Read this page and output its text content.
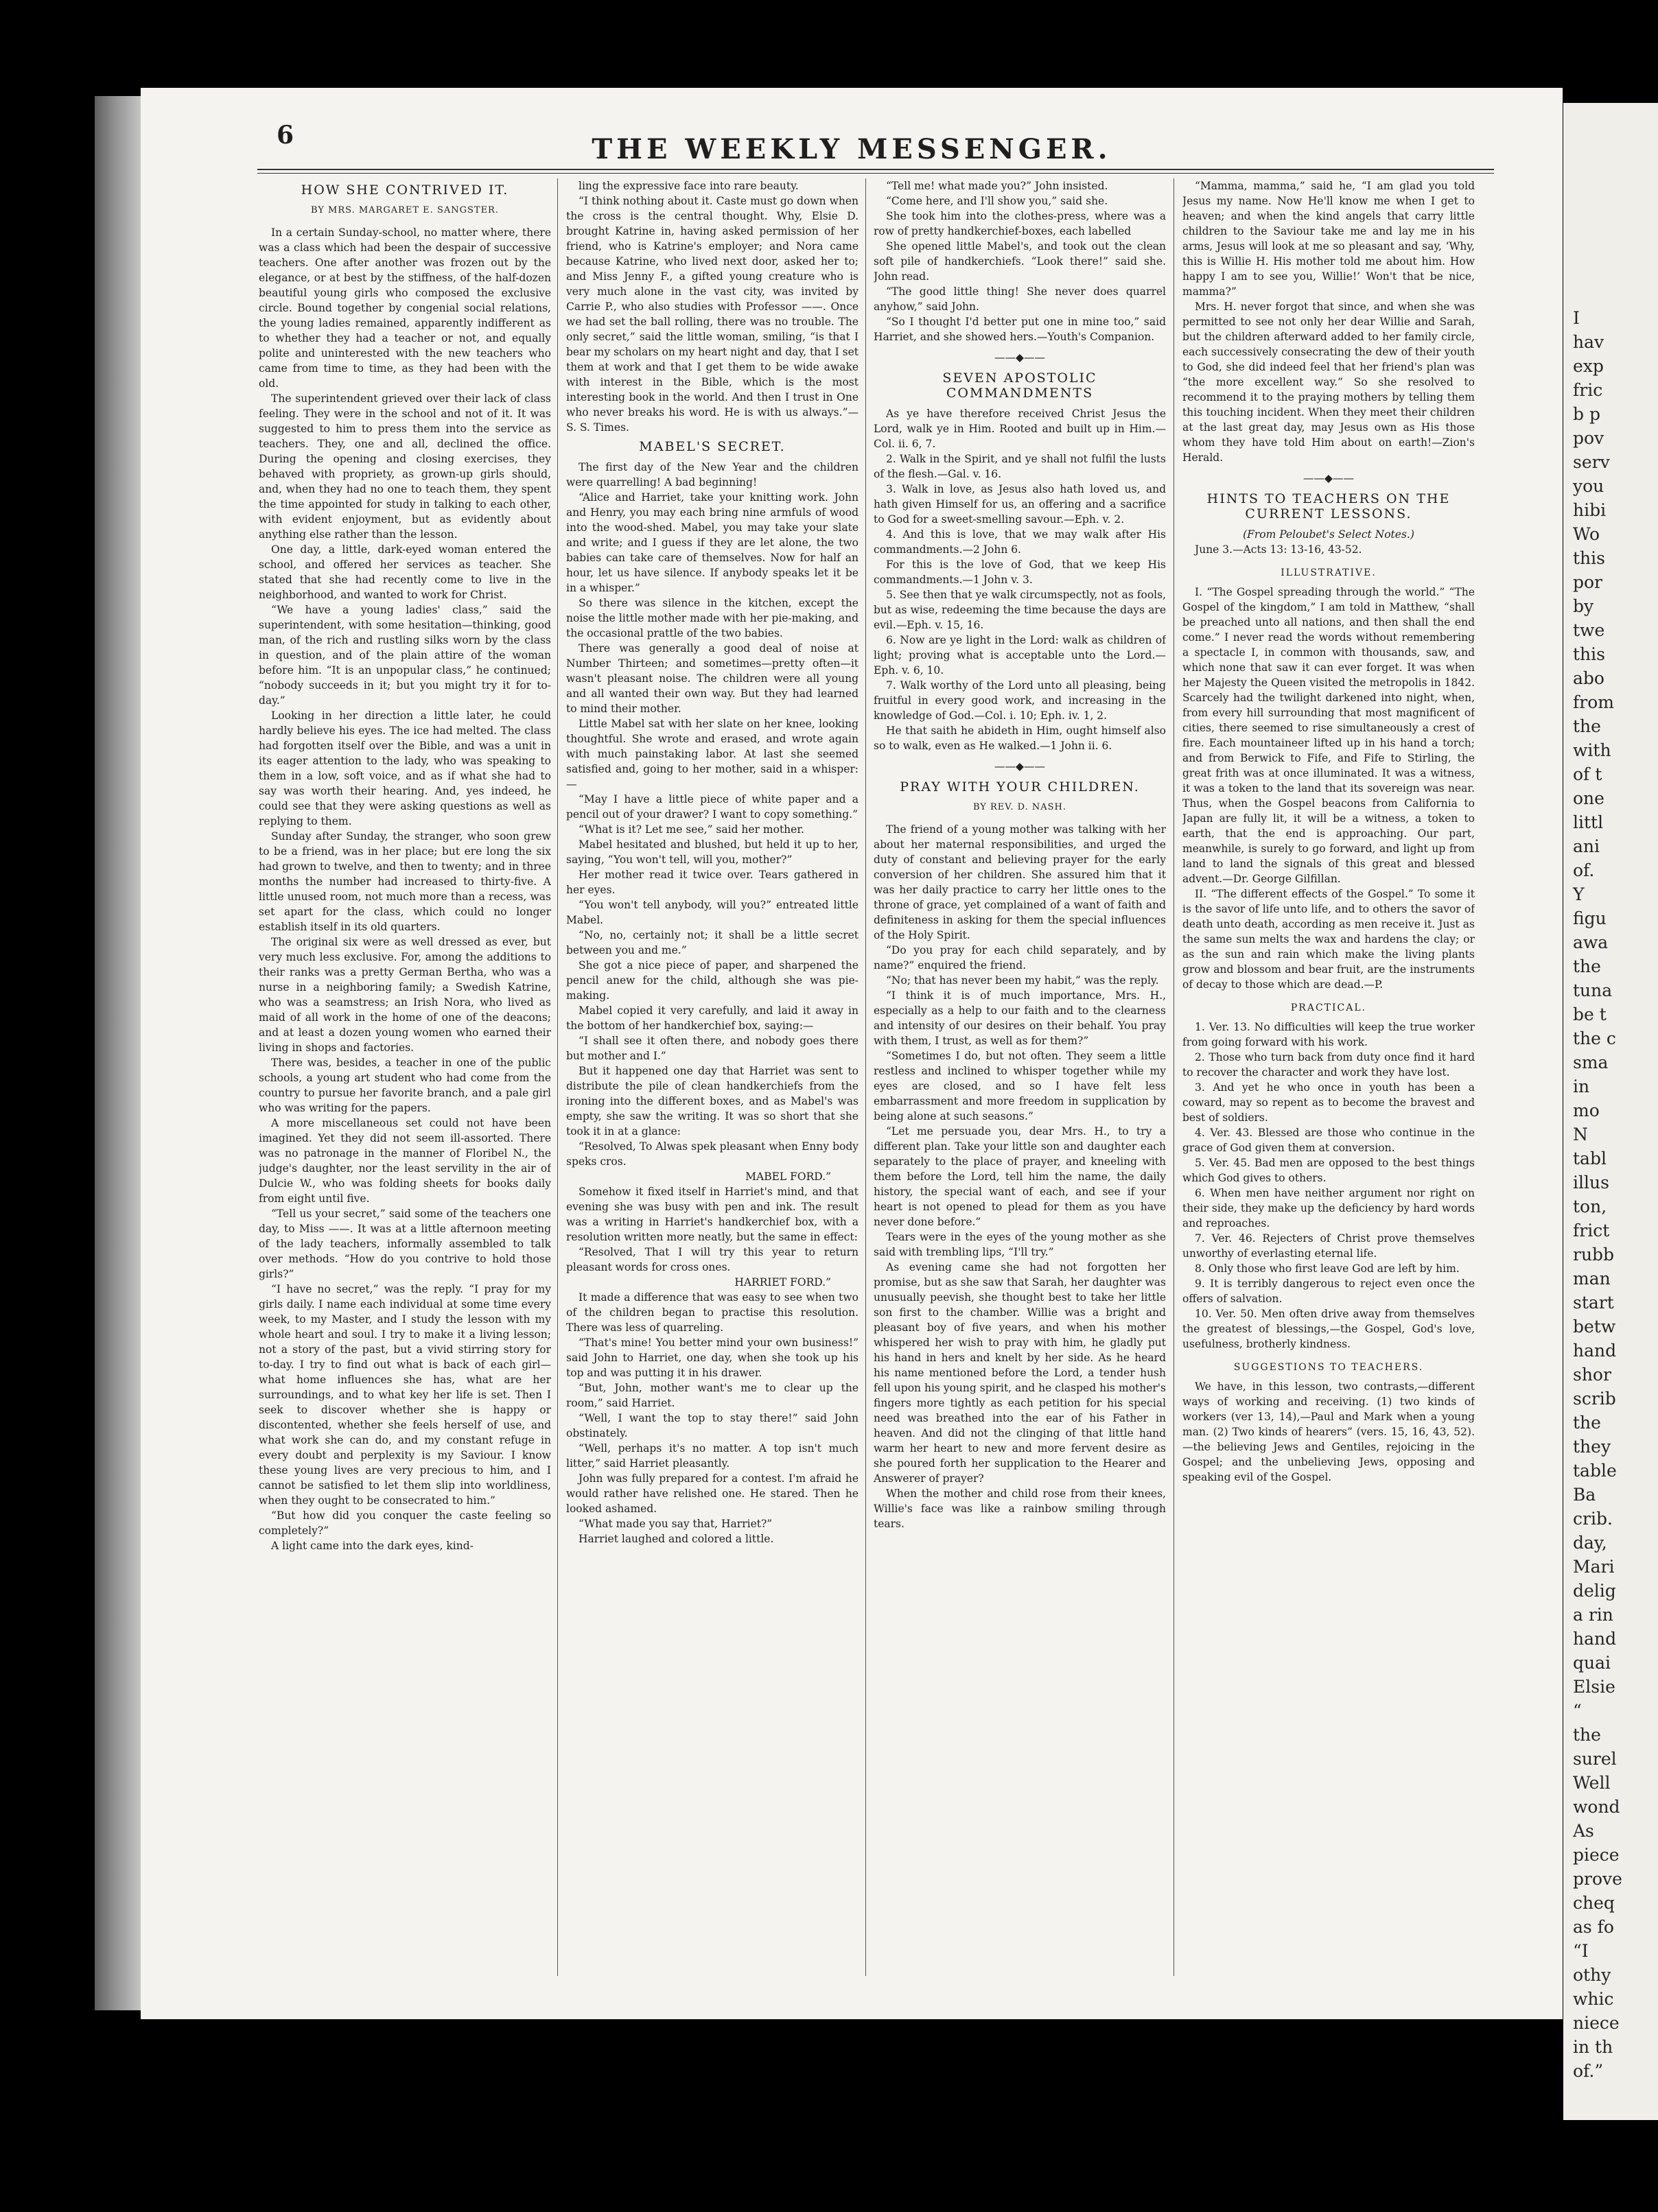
6	THE WEEKLY MESSENGER.
HOW SHE CONTRIVED IT.
BY MRS. MARGARET E. SANGSTER.

In a certain Sunday-school, no matter where, there was a class which had been the despair of successive teachers. One after another was frozen out by the elegance, or at best by the stiffness, of the half-dozen beautiful young girls who composed the exclusive circle. Bound together by congenial social relations, the young ladies remained, apparently indifferent as to whether they had a teacher or not, and equally polite and uninterested with the new teachers who came from time to time, as they had been with the old.

The superintendent grieved over their lack of class feeling. They were in the school and not of it. It was suggested to him to press them into the service as teachers. They, one and all, declined the office. During the opening and closing exercises, they behaved with propriety, as grown-up girls should, and, when they had no one to teach them, they spent the time appointed for study in talking to each other, with evident enjoyment, but as evidently about anything else rather than the lesson.

One day, a little, dark-eyed woman entered the school, and offered her services as teacher. She stated that she had recently come to live in the neighborhood, and wanted to work for Christ.

“We have a young ladies' class,” said the superintendent, with some hesitation—thinking, good man, of the rich and rustling silks worn by the class in question, and of the plain attire of the woman before him. “It is an unpopular class,” he continued; “nobody succeeds in it; but you might try it for to-day.”

Looking in her direction a little later, he could hardly believe his eyes. The ice had melted. The class had forgotten itself over the Bible, and was a unit in its eager attention to the lady, who was speaking to them in a low, soft voice, and as if what she had to say was worth their hearing. And, yes indeed, he could see that they were asking questions as well as replying to them.

Sunday after Sunday, the stranger, who soon grew to be a friend, was in her place; but ere long the six had grown to twelve, and then to twenty; and in three months the number had increased to thirty-five. A little unused room, not much more than a recess, was set apart for the class, which could no longer establish itself in its old quarters.

The original six were as well dressed as ever, but very much less exclusive. For, among the additions to their ranks was a pretty German Bertha, who was a nurse in a neighboring family; a Swedish Katrine, who was a seamstress; an Irish Nora, who lived as maid of all work in the home of one of the deacons; and at least a dozen young women who earned their living in shops and factories.

There was, besides, a teacher in one of the public schools, a young art student who had come from the country to pursue her favorite branch, and a pale girl who was writing for the papers.

A more miscellaneous set could not have been imagined. Yet they did not seem ill-assorted. There was no patronage in the manner of Floribel N., the judge's daughter, nor the least servility in the air of Dulcie W., who was folding sheets for books daily from eight until five.

“Tell us your secret,” said some of the teachers one day, to Miss ——. It was at a little afternoon meeting of the lady teachers, informally assembled to talk over methods. “How do you contrive to hold those girls?”

“I have no secret,” was the reply. “I pray for my girls daily. I name each individual at some time every week, to my Master, and I study the lesson with my whole heart and soul. I try to make it a living lesson; not a story of the past, but a vivid stirring story for to-day. I try to find out what is back of each girl—what home influences she has, what are her surroundings, and to what key her life is set. Then I seek to discover whether she is happy or discontented, whether she feels herself of use, and what work she can do, and my constant refuge in every doubt and perplexity is my Saviour. I know these young lives are very precious to him, and I cannot be satisfied to let them slip into worldliness, when they ought to be consecrated to him.”

“But how did you conquer the caste feeling so completely?”

A light came into the dark eyes, kind-

ling the expressive face into rare beauty.

“I think nothing about it. Caste must go down when the cross is the central thought. Why, Elsie D. brought Katrine in, having asked permission of her friend, who is Katrine's employer; and Nora came because Katrine, who lived next door, asked her to; and Miss Jenny F., a gifted young creature who is very much alone in the vast city, was invited by Carrie P., who also studies with Professor ——. Once we had set the ball rolling, there was no trouble. The only secret,” said the little woman, smiling, “is that I bear my scholars on my heart night and day, that I set them at work and that I get them to be wide awake with interest in the Bible, which is the most interesting book in the world. And then I trust in One who never breaks his word. He is with us always.”—S. S. Times.

MABEL'S SECRET.

The first day of the New Year and the children were quarrelling! A bad beginning!

“Alice and Harriet, take your knitting work. John and Henry, you may each bring nine armfuls of wood into the wood-shed. Mabel, you may take your slate and write; and I guess if they are let alone, the two babies can take care of themselves. Now for half an hour, let us have silence. If anybody speaks let it be in a whisper.”

So there was silence in the kitchen, except the noise the little mother made with her pie-making, and the occasional prattle of the two babies.

There was generally a good deal of noise at Number Thirteen; and sometimes—pretty often—it wasn't pleasant noise. The children were all young and all wanted their own way. But they had learned to mind their mother.

Little Mabel sat with her slate on her knee, looking thoughtful. She wrote and erased, and wrote again with much painstaking labor. At last she seemed satisfied and, going to her mother, said in a whisper:—

“May I have a little piece of white paper and a pencil out of your drawer? I want to copy something.”

“What is it? Let me see,” said her mother.

Mabel hesitated and blushed, but held it up to her, saying, “You won't tell, will you, mother?”

Her mother read it twice over. Tears gathered in her eyes.

“You won't tell anybody, will you?” entreated little Mabel.

“No, no, certainly not; it shall be a little secret between you and me.”

She got a nice piece of paper, and sharpened the pencil anew for the child, although she was pie-making.

Mabel copied it very carefully, and laid it away in the bottom of her handkerchief box, saying:—

“I shall see it often there, and nobody goes there but mother and I.”

But it happened one day that Harriet was sent to distribute the pile of clean handkerchiefs from the ironing into the different boxes, and as Mabel's was empty, she saw the writing. It was so short that she took it in at a glance:

“Resolved, To Alwas spek pleasant when Enny body speks cros.

MABEL FORD.”

Somehow it fixed itself in Harriet's mind, and that evening she was busy with pen and ink. The result was a writing in Harriet's handkerchief box, with a resolution written more neatly, but the same in effect:

“Resolved, That I will try this year to return pleasant words for cross ones.

HARRIET FORD.”

It made a difference that was easy to see when two of the children began to practise this resolution. There was less of quarreling.

“That's mine! You better mind your own business!” said John to Harriet, one day, when she took up his top and was putting it in his drawer.

“But, John, mother want's me to clear up the room,” said Harriet.

“Well, I want the top to stay there!” said John obstinately.

“Well, perhaps it's no matter. A top isn't much litter,” said Harriet pleasantly.

John was fully prepared for a contest. I'm afraid he would rather have relished one. He stared. Then he looked ashamed.

“What made you say that, Harriet?”

Harriet laughed and colored a little.

“Tell me! what made you?” John insisted.

“Come here, and I'll show you,” said she.

She took him into the clothes-press, where was a row of pretty handkerchief-boxes, each labelled

She opened little Mabel's, and took out the clean soft pile of handkerchiefs. “Look there!” said she. John read.

“The good little thing! She never does quarrel anyhow,” said John.

“So I thought I'd better put one in mine too,” said Harriet, and she showed hers.—Youth's Companion.

——◆——
SEVEN APOSTOLIC COMMANDMENTS

As ye have therefore received Christ Jesus the Lord, walk ye in Him. Rooted and built up in Him.—Col. ii. 6, 7.

2. Walk in the Spirit, and ye shall not fulfil the lusts of the flesh.—Gal. v. 16.

3. Walk in love, as Jesus also hath loved us, and hath given Himself for us, an offering and a sacrifice to God for a sweet-smelling savour.—Eph. v. 2.

4. And this is love, that we may walk after His commandments.—2 John 6.

For this is the love of God, that we keep His commandments.—1 John v. 3.

5. See then that ye walk circumspectly, not as fools, but as wise, redeeming the time because the days are evil.—Eph. v. 15, 16.

6. Now are ye light in the Lord: walk as children of light; proving what is acceptable unto the Lord.—Eph. v. 6, 10.

7. Walk worthy of the Lord unto all pleasing, being fruitful in every good work, and increasing in the knowledge of God.—Col. i. 10; Eph. iv. 1, 2.

He that saith he abideth in Him, ought himself also so to walk, even as He walked.—1 John ii. 6.

——◆——
PRAY WITH YOUR CHILDREN.
BY REV. D. NASH.

The friend of a young mother was talking with her about her maternal responsibilities, and urged the duty of constant and believing prayer for the early conversion of her children. She assured him that it was her daily practice to carry her little ones to the throne of grace, yet complained of a want of faith and definiteness in asking for them the special influences of the Holy Spirit.

“Do you pray for each child separately, and by name?” enquired the friend.

“No; that has never been my habit,” was the reply.

“I think it is of much importance, Mrs. H., especially as a help to our faith and to the clearness and intensity of our desires on their behalf. You pray with them, I trust, as well as for them?”

“Sometimes I do, but not often. They seem a little restless and inclined to whisper together while my eyes are closed, and so I have felt less embarrassment and more freedom in supplication by being alone at such seasons.”

“Let me persuade you, dear Mrs. H., to try a different plan. Take your little son and daughter each separately to the place of prayer, and kneeling with them before the Lord, tell him the name, the daily history, the special want of each, and see if your heart is not opened to plead for them as you have never done before.”

Tears were in the eyes of the young mother as she said with trembling lips, “I'll try.”

As evening came she had not forgotten her promise, but as she saw that Sarah, her daughter was unusually peevish, she thought best to take her little son first to the chamber. Willie was a bright and pleasant boy of five years, and when his mother whispered her wish to pray with him, he gladly put his hand in hers and knelt by her side. As he heard his name mentioned before the Lord, a tender hush fell upon his young spirit, and he clasped his mother's fingers more tightly as each petition for his special need was breathed into the ear of his Father in heaven. And did not the clinging of that little hand warm her heart to new and more fervent desire as she poured forth her supplication to the Hearer and Answerer of prayer?

When the mother and child rose from their knees, Willie's face was like a rainbow smiling through tears.

“Mamma, mamma,” said he, “I am glad you told Jesus my name. Now He'll know me when I get to heaven; and when the kind angels that carry little children to the Saviour take me and lay me in his arms, Jesus will look at me so pleasant and say, ‘Why, this is Willie H. His mother told me about him. How happy I am to see you, Willie!’ Won't that be nice, mamma?”

Mrs. H. never forgot that since, and when she was permitted to see not only her dear Willie and Sarah, but the children afterward added to her family circle, each successively consecrating the dew of their youth to God, she did indeed feel that her friend's plan was “the more excellent way.” So she resolved to recommend it to the praying mothers by telling them this touching incident. When they meet their children at the last great day, may Jesus own as His those whom they have told Him about on earth!—Zion's Herald.

——◆——
HINTS TO TEACHERS ON THE CURRENT LESSONS.

(From Peloubet's Select Notes.)

June 3.—Acts 13: 13-16, 43-52.

ILLUSTRATIVE.

I. “The Gospel spreading through the world.” “The Gospel of the kingdom,” I am told in Matthew, “shall be preached unto all nations, and then shall the end come.” I never read the words without remembering a spectacle I, in common with thousands, saw, and which none that saw it can ever forget. It was when her Majesty the Queen visited the metropolis in 1842. Scarcely had the twilight darkened into night, when, from every hill surrounding that most magnificent of cities, there seemed to rise simultaneously a crest of fire. Each mountaineer lifted up in his hand a torch; and from Berwick to Fife, and Fife to Stirling, the great frith was at once illuminated. It was a witness, it was a token to the land that its sovereign was near. Thus, when the Gospel beacons from California to Japan are fully lit, it will be a witness, a token to earth, that the end is approaching. Our part, meanwhile, is surely to go forward, and light up from land to land the signals of this great and blessed advent.—Dr. George Gilfillan.

II. “The different effects of the Gospel.” To some it is the savor of life unto life, and to others the savor of death unto death, according as men receive it. Just as the same sun melts the wax and hardens the clay; or as the sun and rain which make the living plants grow and blossom and bear fruit, are the instruments of decay to those which are dead.—P.

PRACTICAL.

1. Ver. 13. No difficulties will keep the true worker from going forward with his work.

2. Those who turn back from duty once find it hard to recover the character and work they have lost.

3. And yet he who once in youth has been a coward, may so repent as to become the bravest and best of soldiers.

4. Ver. 43. Blessed are those who continue in the grace of God given them at conversion.

5. Ver. 45. Bad men are opposed to the best things which God gives to others.

6. When men have neither argument nor right on their side, they make up the deficiency by hard words and reproaches.

7. Ver. 46. Rejecters of Christ prove themselves unworthy of everlasting eternal life.

8. Only those who first leave God are left by him.

9. It is terribly dangerous to reject even once the offers of salvation.

10. Ver. 50. Men often drive away from themselves the greatest of blessings,—the Gospel, God's love, usefulness, brotherly kindness.

SUGGESTIONS TO TEACHERS.

We have, in this lesson, two contrasts,—different ways of working and receiving. (1) two kinds of workers (ver 13, 14),—Paul and Mark when a young man. (2) Two kinds of hearers” (vers. 15, 16, 43, 52).—the believing Jews and Gentiles, rejoicing in the Gospel; and the unbelieving Jews, opposing and speaking evil of the Gospel.

I
hav
exp
fric
b p
pov
serv
you
hibi
Wo
this
por
by
twe
this
abo
from
the
with
of t
one
littl
ani
of.
Y
figu
awa
the
tuna
be t
the c
sma
in
mo
N
tabl
illus
ton,
frict
rubb
man
start
betw
hand
shor
scrib
the
they
table
Ba
crib.
day,
Mari
delig
a rin
hand
quai
Elsie
“
the
surel
Well
wond
As
piece
prove
cheq
as fo
“I
othy
whic
niece
in th
of.”
